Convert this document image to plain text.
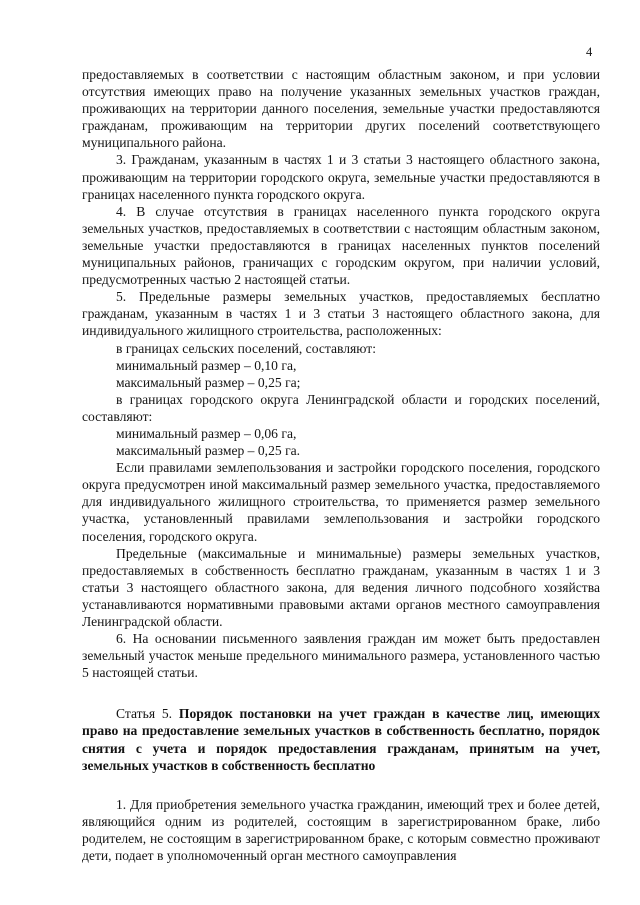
4

предоставляемых в соответствии с настоящим областным законом, и при условии отсутствия имеющих право на получение указанных земельных участков граждан, проживающих на территории данного поселения, земельные участки предоставляются гражданам, проживающим на территории других поселений соответствующего муниципального района.

3. Гражданам, указанным в частях 1 и 3 статьи 3 настоящего областного закона, проживающим на территории городского округа, земельные участки предоставляются в границах населенного пункта городского округа.

4. В случае отсутствия в границах населенного пункта городского округа земельных участков, предоставляемых в соответствии с настоящим областным законом, земельные участки предоставляются в границах населенных пунктов поселений муниципальных районов, граничащих с городским округом, при наличии условий, предусмотренных частью 2 настоящей статьи.

5. Предельные размеры земельных участков, предоставляемых бесплатно гражданам, указанным в частях 1 и 3 статьи 3 настоящего областного закона, для индивидуального жилищного строительства, расположенных:

в границах сельских поселений, составляют:

минимальный размер – 0,10 га,

максимальный размер – 0,25 га;

в границах городского округа Ленинградской области и городских поселений, составляют:

минимальный размер – 0,06 га,

максимальный размер – 0,25 га.

Если правилами землепользования и застройки городского поселения, городского округа предусмотрен иной максимальный размер земельного участка, предоставляемого для индивидуального жилищного строительства, то применяется размер земельного участка, установленный правилами землепользования и застройки городского поселения, городского округа.

Предельные (максимальные и минимальные) размеры земельных участков, предоставляемых в собственность бесплатно гражданам, указанным в частях 1 и 3 статьи 3 настоящего областного закона, для ведения личного подсобного хозяйства устанавливаются нормативными правовыми актами органов местного самоуправления Ленинградской области.

6. На основании письменного заявления граждан им может быть предоставлен земельный участок меньше предельного минимального размера, установленного частью 5 настоящей статьи.

Статья 5. Порядок постановки на учет граждан в качестве лиц, имеющих право на предоставление земельных участков в собственность бесплатно, порядок снятия с учета и порядок предоставления гражданам, принятым на учет, земельных участков в собственность бесплатно

1. Для приобретения земельного участка гражданин, имеющий трех и более детей, являющийся одним из родителей, состоящим в зарегистрированном браке, либо родителем, не состоящим в зарегистрированном браке, с которым совместно проживают дети, подает в уполномоченный орган местного самоуправления
